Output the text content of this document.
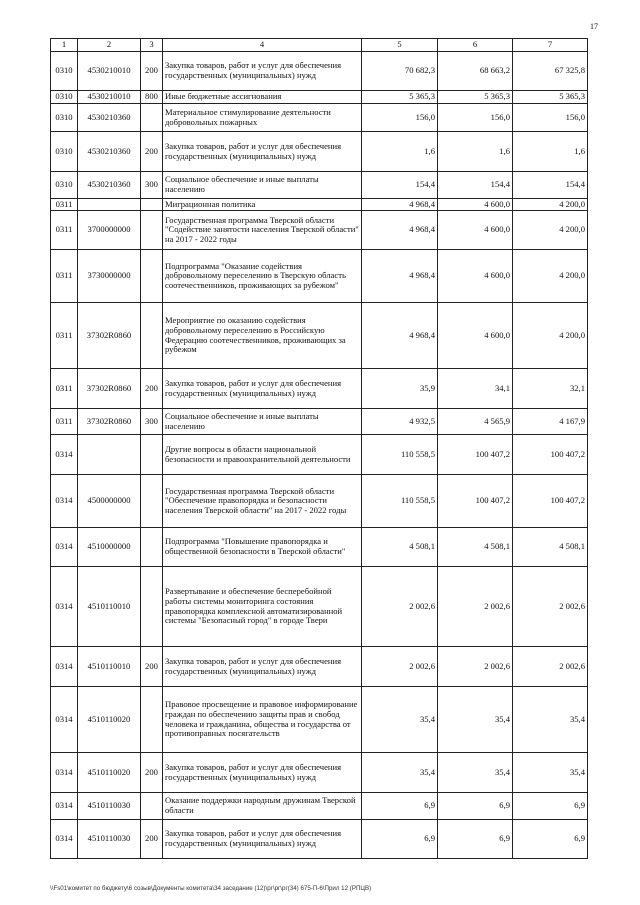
17
1	2	3	4	5	6	7
0310	4530210010	200	Закупка товаров, работ и услуг для обеспечения государственных (муниципальных) нужд	70 682,3	68 663,2	67 325,8
0310	4530210010	800	Иные бюджетные ассигнования	5 365,3	5 365,3	5 365,3
0310	4530210360		Материальное стимулирование деятельности добровольных пожарных	156,0	156,0	156,0
0310	4530210360	200	Закупка товаров, работ и услуг для обеспечения государственных (муниципальных) нужд	1,6	1,6	1,6
0310	4530210360	300	Социальное обеспечение и иные выплаты населению	154,4	154,4	154,4
0311			Миграционная политика	4 968,4	4 600,0	4 200,0
0311	3700000000		Государственная программа Тверской области "Содействие занятости населения Тверской области" на 2017 - 2022 годы	4 968,4	4 600,0	4 200,0
0311	3730000000		Подпрограмма "Оказание содействия добровольному переселению в Тверскую область соотечественников, проживающих за рубежом"	4 968,4	4 600,0	4 200,0
0311	37302R0860		Мероприятие по оказанию содействия добровольному переселению в Российскую Федерацию соотечественников, проживающих за рубежом	4 968,4	4 600,0	4 200,0
0311	37302R0860	200	Закупка товаров, работ и услуг для обеспечения государственных (муниципальных) нужд	35,9	34,1	32,1
0311	37302R0860	300	Социальное обеспечение и иные выплаты населению	4 932,5	4 565,9	4 167,9
0314			Другие вопросы в области национальной безопасности и правоохранительной деятельности	110 558,5	100 407,2	100 407,2
0314	4500000000		Государственная программа Тверской области "Обеспечение правопорядка и безопасности населения Тверской области" на 2017 - 2022 годы	110 558,5	100 407,2	100 407,2
0314	4510000000		Подпрограмма "Повышение правопорядка и общественной безопасности в Тверской области"	4 508,1	4 508,1	4 508,1
0314	4510110010		Развертывание и обеспечение бесперебойной работы системы мониторинга состояния правопорядка комплексной автоматизированной системы "Безопасный город" в городе Твери	2 002,6	2 002,6	2 002,6
0314	4510110010	200	Закупка товаров, работ и услуг для обеспечения государственных (муниципальных) нужд	2 002,6	2 002,6	2 002,6
0314	4510110020		Правовое просвещение и правовое информирование граждан по обеспечению защиты прав и свобод человека и гражданина, общества и государства от противоправных посягательств	35,4	35,4	35,4
0314	4510110020	200	Закупка товаров, работ и услуг для обеспечения государственных (муниципальных) нужд	35,4	35,4	35,4
0314	4510110030		Оказание поддержки народным дружинам Тверской области	6,9	6,9	6,9
0314	4510110030	200	Закупка товаров, работ и услуг для обеспечения государственных (муниципальных) нужд	6,9	6,9	6,9
\\Fs01\комитет по бюджету\6 созыв\Документы комитета\34 заседание (12)\рг\рг\рг(34) 675-П-6\Прил 12 (РПЦВ)
